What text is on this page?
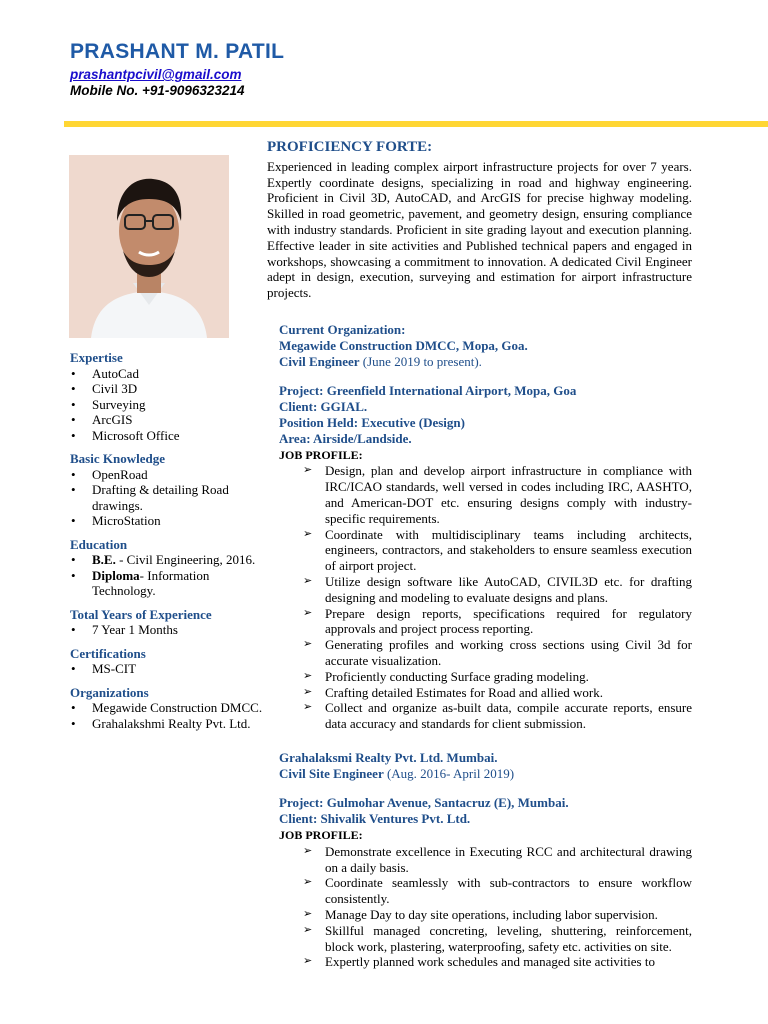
PRASHANT M. PATIL
prashantpcivil@gmail.com
Mobile No. +91-9096323214
Expertise
• AutoCad
• Civil 3D
• Surveying
• ArcGIS
• Microsoft Office
Basic Knowledge
• OpenRoad
• Drafting & detailing Road drawings.
• MicroStation
Education
• B.E. - Civil Engineering, 2016.
• Diploma- Information Technology.
Total Years of Experience
• 7 Year 1 Months
Certifications
• MS-CIT
Organizations
• Megawide Construction DMCC.
• Grahalakshmi Realty Pvt. Ltd.
PROFICIENCY FORTE:
Experienced in leading complex airport infrastructure projects for over 7 years. Expertly coordinate designs, specializing in road and highway engineering. Proficient in Civil 3D, AutoCAD, and ArcGIS for precise highway modeling. Skilled in road geometric, pavement, and geometry design, ensuring compliance with industry standards. Proficient in site grading layout and execution planning. Effective leader in site activities and Published technical papers and engaged in workshops, showcasing a commitment to innovation. A dedicated Civil Engineer adept in design, execution, surveying and estimation for airport infrastructure projects.
Current Organization:
Megawide Construction DMCC, Mopa, Goa.
Civil Engineer (June 2019 to present).
Project: Greenfield International Airport, Mopa, Goa
Client: GGIAL.
Position Held: Executive (Design)
Area: Airside/Landside.
JOB PROFILE:
➢ Design, plan and develop airport infrastructure in compliance with IRC/ICAO standards, well versed in codes including IRC, AASHTO, and American-DOT etc. ensuring designs comply with industry-specific requirements.
➢ Coordinate with multidisciplinary teams including architects, engineers, contractors, and stakeholders to ensure seamless execution of airport project.
➢ Utilize design software like AutoCAD, CIVIL3D etc. for drafting designing and modeling to evaluate designs and plans.
➢ Prepare design reports, specifications required for regulatory approvals and project process reporting.
➢ Generating profiles and working cross sections using Civil 3d for accurate visualization.
➢ Proficiently conducting Surface grading modeling.
➢ Crafting detailed Estimates for Road and allied work.
➢ Collect and organize as-built data, compile accurate reports, ensure data accuracy and standards for client submission.
Grahalaksmi Realty Pvt. Ltd. Mumbai.
Civil Site Engineer (Aug. 2016- April 2019)
Project: Gulmohar Avenue, Santacruz (E), Mumbai.
Client: Shivalik Ventures Pvt. Ltd.
JOB PROFILE:
➢ Demonstrate excellence in Executing RCC and architectural drawing on a daily basis.
➢ Coordinate seamlessly with sub-contractors to ensure workflow consistently.
➢ Manage Day to day site operations, including labor supervision.
➢ Skillful managed concreting, leveling, shuttering, reinforcement, block work, plastering, waterproofing, safety etc. activities on site.
➢ Expertly planned work schedules and managed site activities to
